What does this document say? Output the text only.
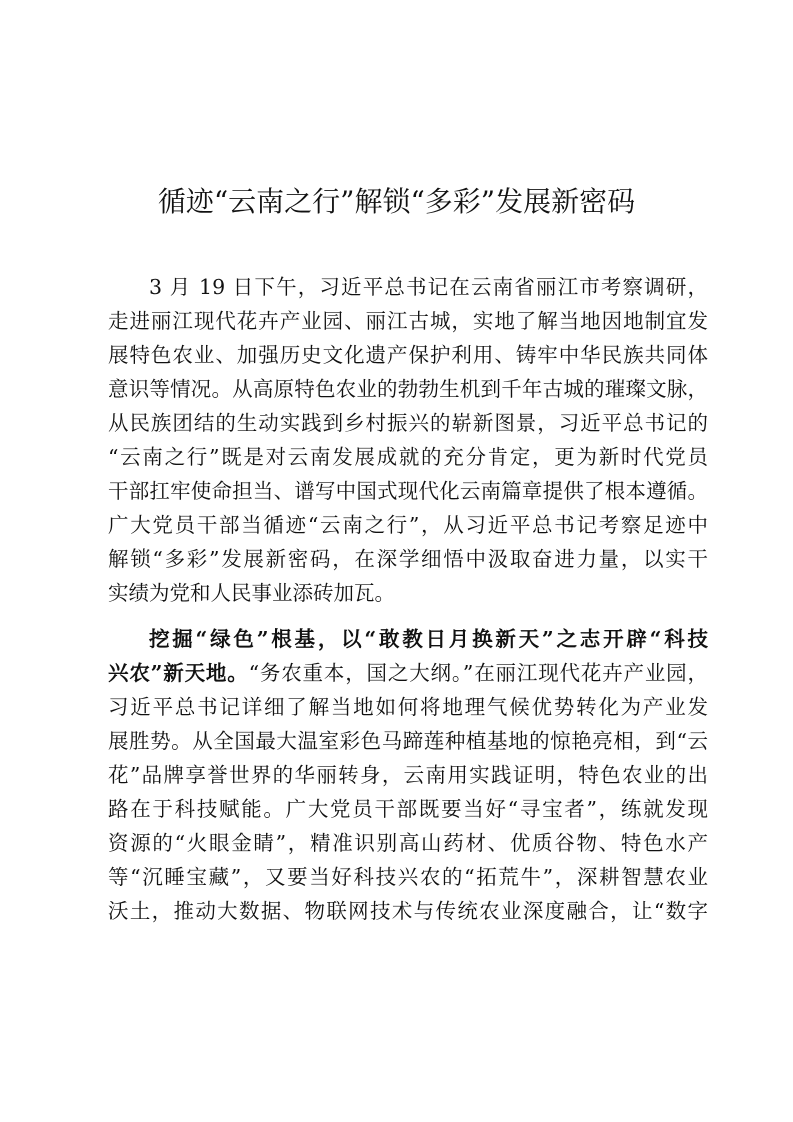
循迹“云南之行”解锁“多彩”发展新密码
3 月 19 日下午，习近平总书记在云南省丽江市考察调研，
走进丽江现代花卉产业园、丽江古城，实地了解当地因地制宜发
展特色农业、加强历史文化遗产保护利用、铸牢中华民族共同体
意识等情况。从高原特色农业的勃勃生机到千年古城的璀璨文脉，
从民族团结的生动实践到乡村振兴的崭新图景，习近平总书记的
“云南之行”既是对云南发展成就的充分肯定，更为新时代党员
干部扛牢使命担当、谱写中国式现代化云南篇章提供了根本遵循。
广大党员干部当循迹“云南之行”，从习近平总书记考察足迹中
解锁“多彩”发展新密码，在深学细悟中汲取奋进力量，以实干
实绩为党和人民事业添砖加瓦。
挖掘“绿色”根基，以“敢教日月换新天”之志开辟“科技
兴农”新天地。“务农重本，国之大纲。”在丽江现代花卉产业园，
习近平总书记详细了解当地如何将地理气候优势转化为产业发
展胜势。从全国最大温室彩色马蹄莲种植基地的惊艳亮相，到“云
花”品牌享誉世界的华丽转身，云南用实践证明，特色农业的出
路在于科技赋能。广大党员干部既要当好“寻宝者”，练就发现
资源的“火眼金睛”，精准识别高山药材、优质谷物、特色水产
等“沉睡宝藏”，又要当好科技兴农的“拓荒牛”，深耕智慧农业
沃土，推动大数据、物联网技术与传统农业深度融合，让“数字
